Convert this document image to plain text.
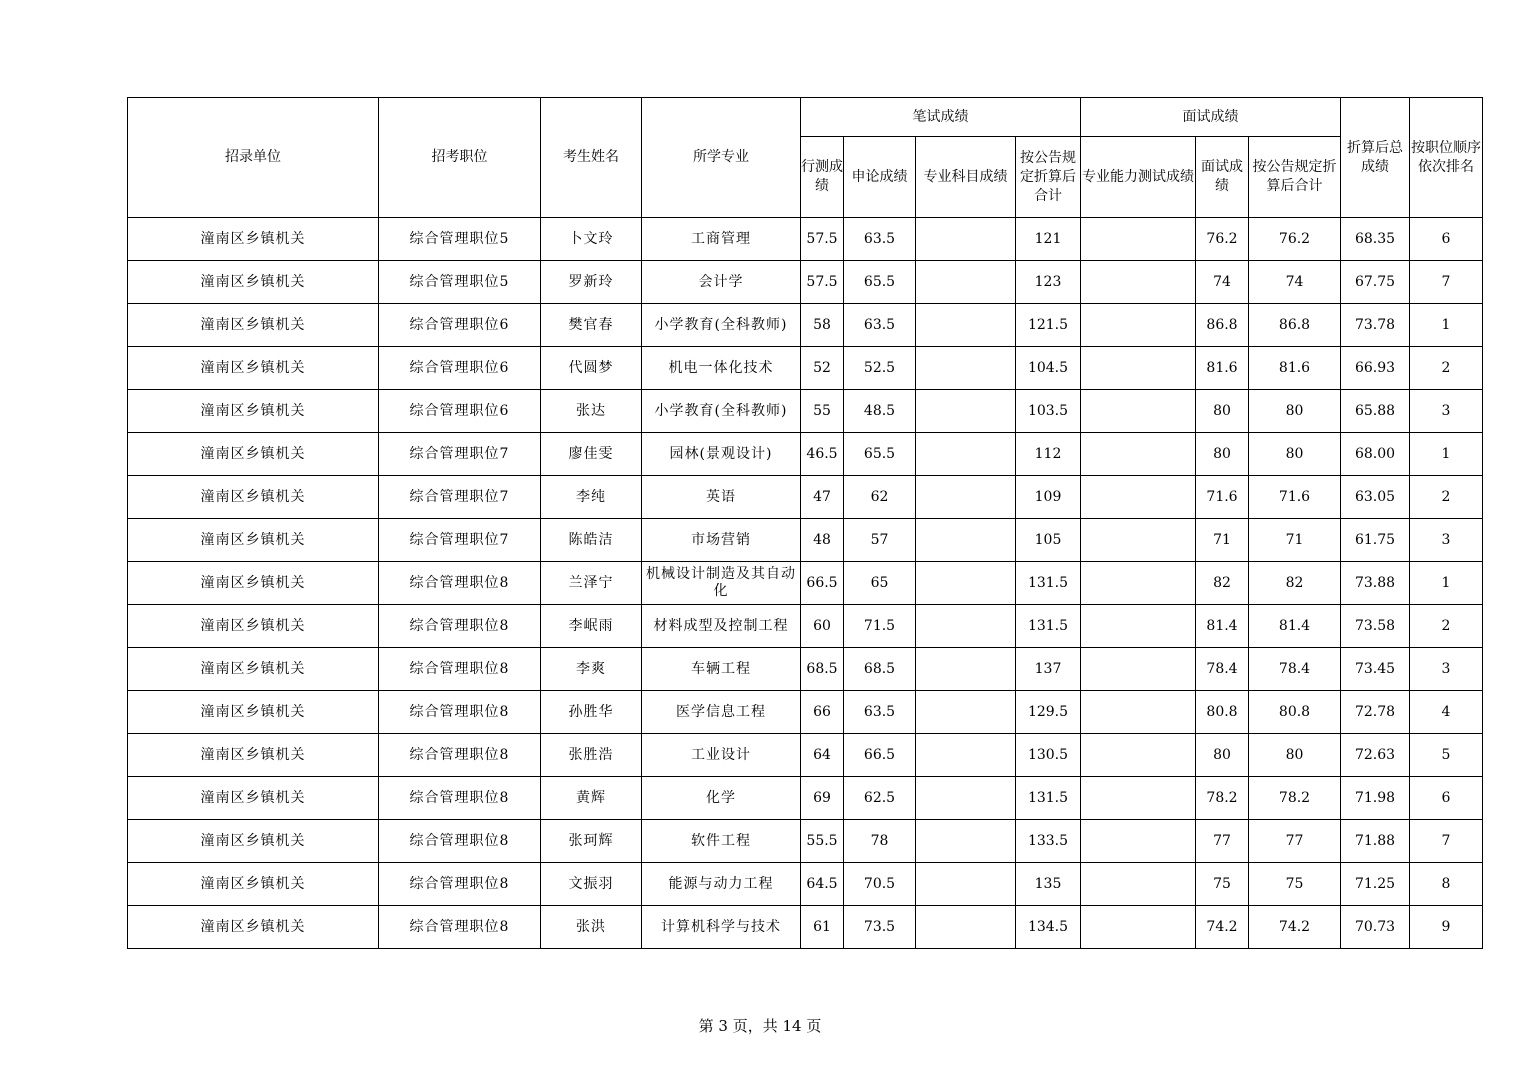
招录单位	招考职位	考生姓名	所学专业	笔试成绩				面试成绩			折算后总成绩	按职位顺序依次排名
				行测成绩	申论成绩	专业科目成绩	按公告规定折算后合计	专业能力测试成绩	面试成绩	按公告规定折算后合计		
潼南区乡镇机关	综合管理职位5	卜文玲	工商管理	57.5	63.5		121		76.2	76.2	68.35	6
潼南区乡镇机关	综合管理职位5	罗新玲	会计学	57.5	65.5		123		74	74	67.75	7
潼南区乡镇机关	综合管理职位6	樊官春	小学教育(全科教师)	58	63.5		121.5		86.8	86.8	73.78	1
潼南区乡镇机关	综合管理职位6	代圆梦	机电一体化技术	52	52.5		104.5		81.6	81.6	66.93	2
潼南区乡镇机关	综合管理职位6	张达	小学教育(全科教师)	55	48.5		103.5		80	80	65.88	3
潼南区乡镇机关	综合管理职位7	廖佳雯	园林(景观设计)	46.5	65.5		112		80	80	68.00	1
潼南区乡镇机关	综合管理职位7	李纯	英语	47	62		109		71.6	71.6	63.05	2
潼南区乡镇机关	综合管理职位7	陈皓洁	市场营销	48	57		105		71	71	61.75	3
潼南区乡镇机关	综合管理职位8	兰泽宁	机械设计制造及其自动化	66.5	65		131.5		82	82	73.88	1
潼南区乡镇机关	综合管理职位8	李岷雨	材料成型及控制工程	60	71.5		131.5		81.4	81.4	73.58	2
潼南区乡镇机关	综合管理职位8	李爽	车辆工程	68.5	68.5		137		78.4	78.4	73.45	3
潼南区乡镇机关	综合管理职位8	孙胜华	医学信息工程	66	63.5		129.5		80.8	80.8	72.78	4
潼南区乡镇机关	综合管理职位8	张胜浩	工业设计	64	66.5		130.5		80	80	72.63	5
潼南区乡镇机关	综合管理职位8	黄辉	化学	69	62.5		131.5		78.2	78.2	71.98	6
潼南区乡镇机关	综合管理职位8	张珂辉	软件工程	55.5	78		133.5		77	77	71.88	7
潼南区乡镇机关	综合管理职位8	文振羽	能源与动力工程	64.5	70.5		135		75	75	71.25	8
潼南区乡镇机关	综合管理职位8	张洪	计算机科学与技术	61	73.5		134.5		74.2	74.2	70.73	9
第 3 页，共 14 页
